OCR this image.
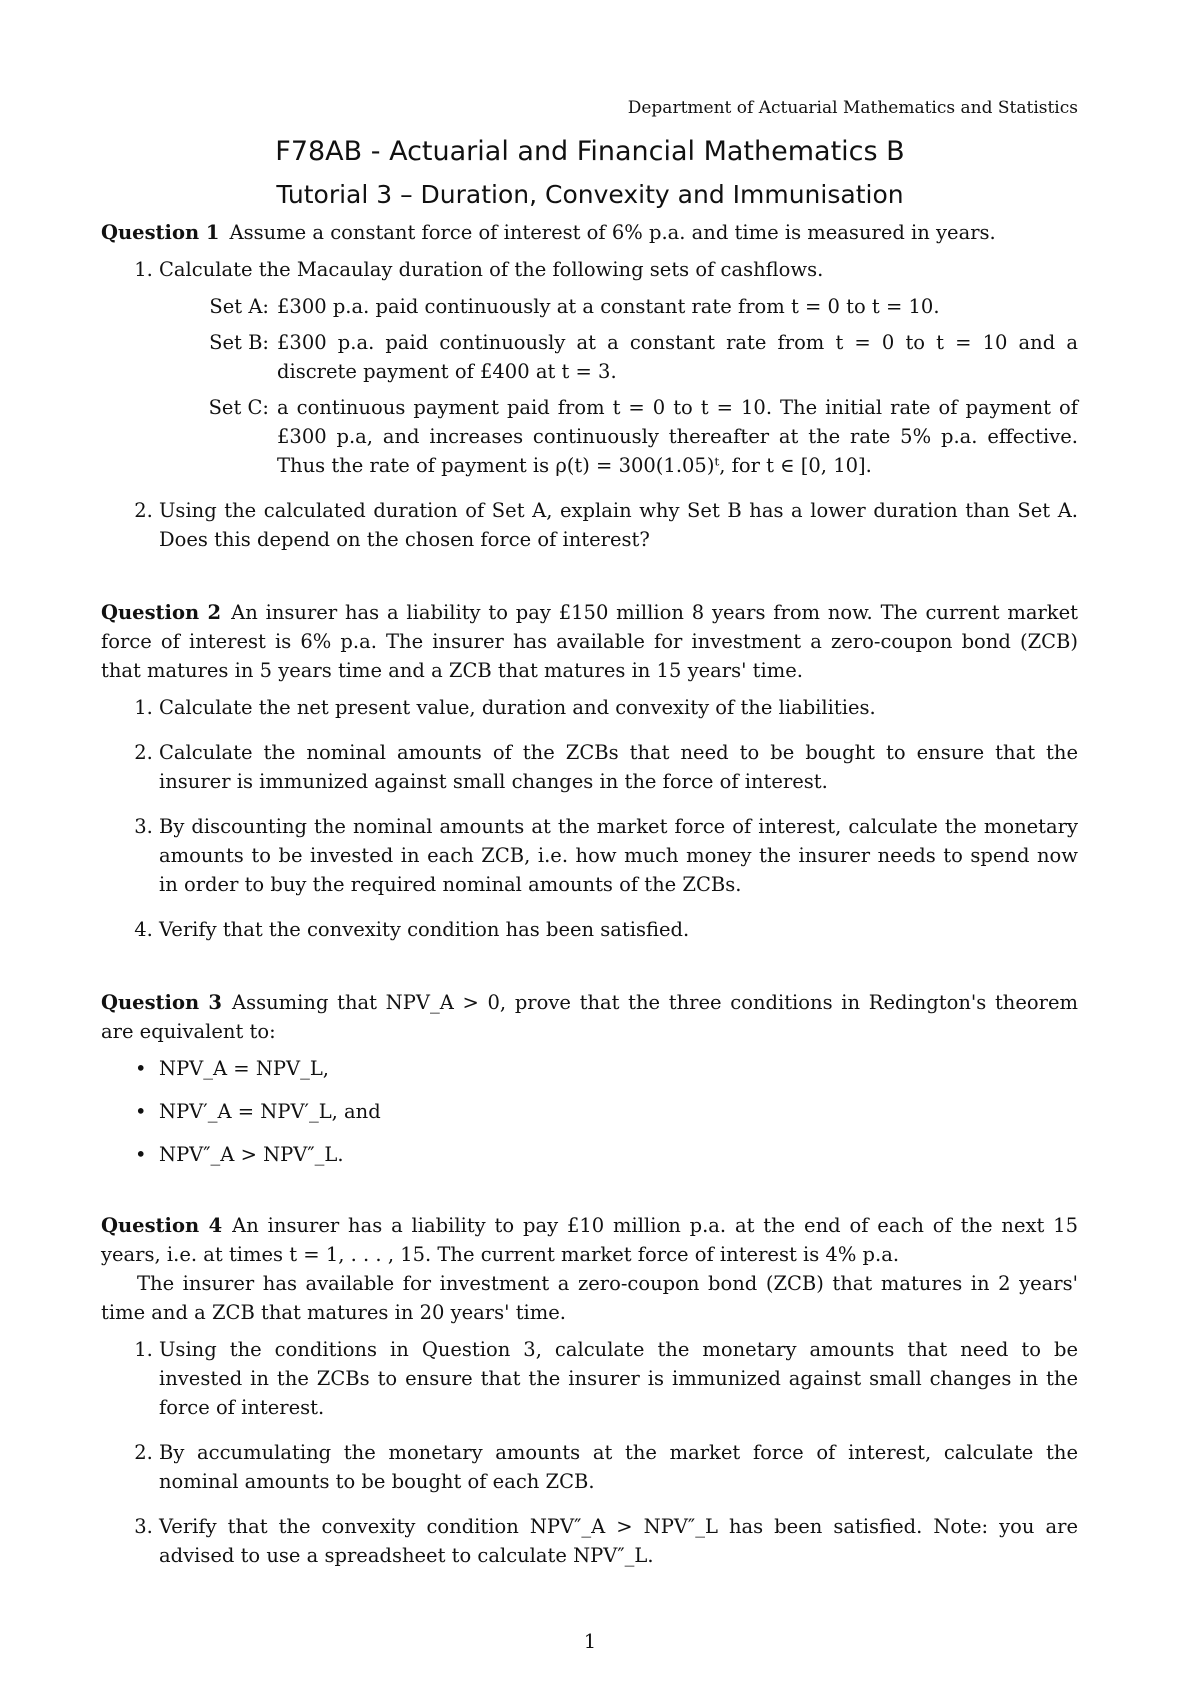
Department of Actuarial Mathematics and Statistics
F78AB - Actuarial and Financial Mathematics B
Tutorial 3 – Duration, Convexity and Immunisation

Question 1 Assume a constant force of interest of 6% p.a. and time is measured in years.

1. Calculate the Macaulay duration of the following sets of cashflows.
Set A: £300 p.a. paid continuously at a constant rate from t = 0 to t = 10.
Set B: £300 p.a. paid continuously at a constant rate from t = 0 to t = 10 and a discrete payment of £400 at t = 3.
Set C: a continuous payment paid from t = 0 to t = 10. The initial rate of payment of £300 p.a, and increases continuously thereafter at the rate 5% p.a. effective. Thus the rate of payment is ρ(t) = 300(1.05)ᵗ, for t ∈ [0, 10].
2. Using the calculated duration of Set A, explain why Set B has a lower duration than Set A. Does this depend on the chosen force of interest?

Question 2 An insurer has a liability to pay £150 million 8 years from now. The current market force of interest is 6% p.a. The insurer has available for investment a zero-coupon bond (ZCB) that matures in 5 years time and a ZCB that matures in 15 years' time.

1. Calculate the net present value, duration and convexity of the liabilities.
2. Calculate the nominal amounts of the ZCBs that need to be bought to ensure that the insurer is immunized against small changes in the force of interest.
3. By discounting the nominal amounts at the market force of interest, calculate the monetary amounts to be invested in each ZCB, i.e. how much money the insurer needs to spend now in order to buy the required nominal amounts of the ZCBs.
4. Verify that the convexity condition has been satisfied.

Question 3 Assuming that NPV_A > 0, prove that the three conditions in Redington's theorem are equivalent to:

• NPV_A = NPV_L,
• NPV′_A = NPV′_L, and
• NPV″_A > NPV″_L.

Question 4 An insurer has a liability to pay £10 million p.a. at the end of each of the next 15 years, i.e. at times t = 1, . . . , 15. The current market force of interest is 4% p.a.

The insurer has available for investment a zero-coupon bond (ZCB) that matures in 2 years' time and a ZCB that matures in 20 years' time.

1. Using the conditions in Question 3, calculate the monetary amounts that need to be invested in the ZCBs to ensure that the insurer is immunized against small changes in the force of interest.
2. By accumulating the monetary amounts at the market force of interest, calculate the nominal amounts to be bought of each ZCB.
3. Verify that the convexity condition NPV″_A > NPV″_L has been satisfied. Note: you are advised to use a spreadsheet to calculate NPV″_L.
1
